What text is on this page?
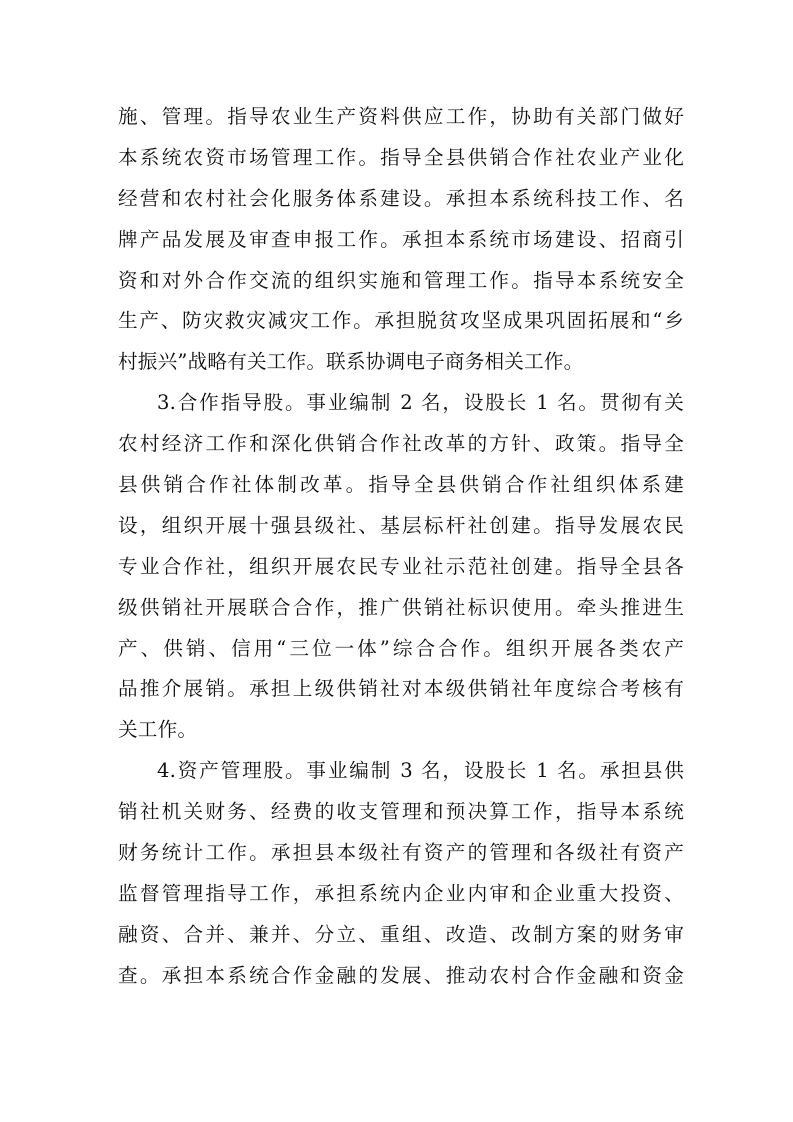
施、管理。指导农业生产资料供应工作，协助有关部门做好
本系统农资市场管理工作。指导全县供销合作社农业产业化
经营和农村社会化服务体系建设。承担本系统科技工作、名
牌产品发展及审查申报工作。承担本系统市场建设、招商引
资和对外合作交流的组织实施和管理工作。指导本系统安全
生产、防灾救灾减灾工作。承担脱贫攻坚成果巩固拓展和“乡
村振兴”战略有关工作。联系协调电子商务相关工作。
3.合作指导股。事业编制 2 名，设股长 1 名。贯彻有关
农村经济工作和深化供销合作社改革的方针、政策。指导全
县供销合作社体制改革。指导全县供销合作社组织体系建
设，组织开展十强县级社、基层标杆社创建。指导发展农民
专业合作社，组织开展农民专业社示范社创建。指导全县各
级供销社开展联合合作，推广供销社标识使用。牵头推进生
产、供销、信用“三位一体”综合合作。组织开展各类农产
品推介展销。承担上级供销社对本级供销社年度综合考核有
关工作。
4.资产管理股。事业编制 3 名，设股长 1 名。承担县供
销社机关财务、经费的收支管理和预决算工作，指导本系统
财务统计工作。承担县本级社有资产的管理和各级社有资产
监督管理指导工作，承担系统内企业内审和企业重大投资、
融资、合并、兼并、分立、重组、改造、改制方案的财务审
查。承担本系统合作金融的发展、推动农村合作金融和资金
